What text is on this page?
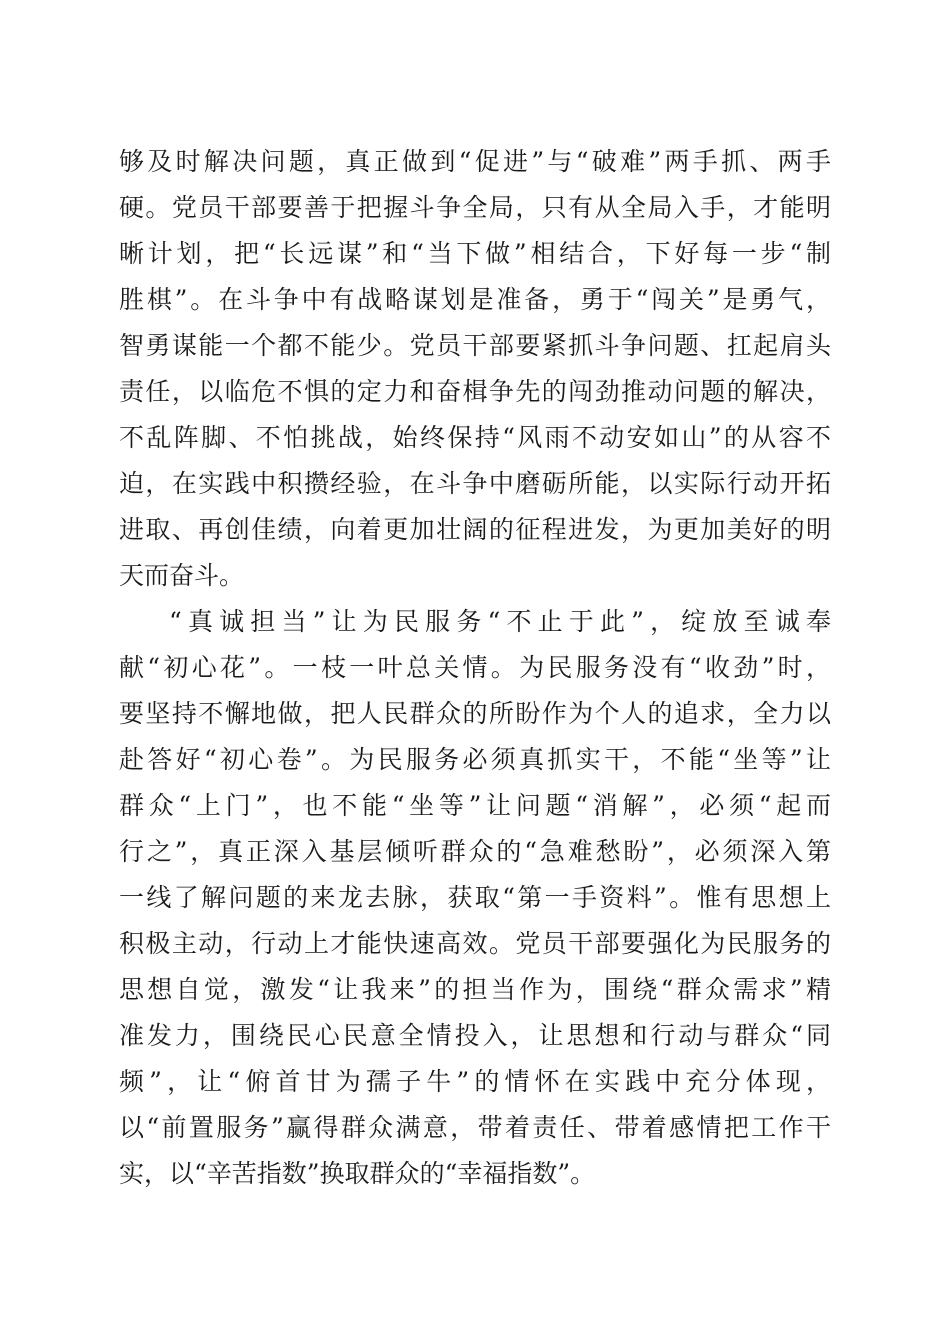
够及时解决问题，真正做到“促进”与“破难”两手抓、两手
硬。党员干部要善于把握斗争全局，只有从全局入手，才能明
晰计划，把“长远谋”和“当下做”相结合，下好每一步“制
胜棋”。在斗争中有战略谋划是准备，勇于“闯关”是勇气，
智勇谋能一个都不能少。党员干部要紧抓斗争问题、扛起肩头
责任，以临危不惧的定力和奋楫争先的闯劲推动问题的解决，
不乱阵脚、不怕挑战，始终保持“风雨不动安如山”的从容不
迫，在实践中积攒经验，在斗争中磨砺所能，以实际行动开拓
进取、再创佳绩，向着更加壮阔的征程进发，为更加美好的明
天而奋斗。
“真诚担当”让为民服务“不止于此”，绽放至诚奉
献“初心花”。一枝一叶总关情。为民服务没有“收劲”时，
要坚持不懈地做，把人民群众的所盼作为个人的追求，全力以
赴答好“初心卷”。为民服务必须真抓实干，不能“坐等”让
群众“上门”，也不能“坐等”让问题“消解”，必须“起而
行之”，真正深入基层倾听群众的“急难愁盼”，必须深入第
一线了解问题的来龙去脉，获取“第一手资料”。惟有思想上
积极主动，行动上才能快速高效。党员干部要强化为民服务的
思想自觉，激发“让我来”的担当作为，围绕“群众需求”精
准发力，围绕民心民意全情投入，让思想和行动与群众“同
频”，让“俯首甘为孺子牛”的情怀在实践中充分体现，
以“前置服务”赢得群众满意，带着责任、带着感情把工作干
实，以“辛苦指数”换取群众的“幸福指数”。
